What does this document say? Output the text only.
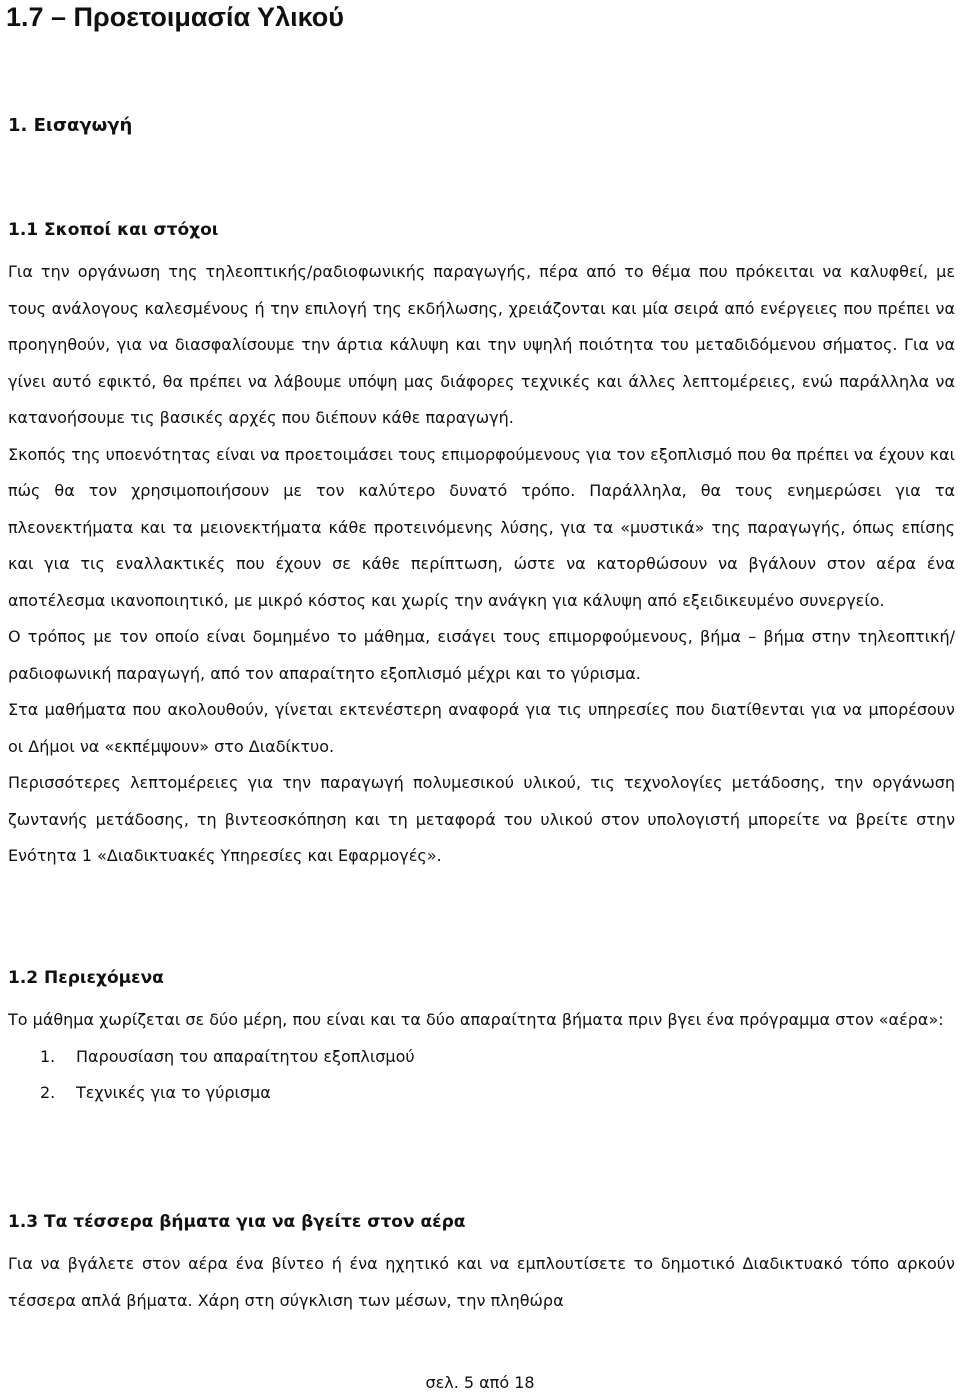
1.7 – Προετοιμασία Υλικού
1. Εισαγωγή
1.1 Σκοποί και στόχοι

Για την οργάνωση της τηλεοπτικής/ραδιοφωνικής παραγωγής, πέρα από το θέμα που πρόκειται να καλυφθεί, με τους ανάλογους καλεσμένους ή την επιλογή της εκδήλωσης, χρειάζονται και μία σειρά από ενέργειες που πρέπει να προηγηθούν, για να διασφαλίσουμε την άρτια κάλυψη και την υψηλή ποιότητα του μεταδιδόμενου σήματος. Για να γίνει αυτό εφικτό, θα πρέπει να λάβουμε υπόψη μας διάφορες τεχνικές και άλλες λεπτομέρειες, ενώ παράλληλα να κατανοήσουμε τις βασικές αρχές που διέπουν κάθε παραγωγή.

Σκοπός της υποενότητας είναι να προετοιμάσει τους επιμορφούμενους για τον εξοπλισμό που θα πρέπει να έχουν και πώς θα τον χρησιμοποιήσουν με τον καλύτερο δυνατό τρόπο. Παράλληλα, θα τους ενημερώσει για τα πλεονεκτήματα και τα μειονεκτήματα κάθε προτεινόμενης λύσης, για τα «μυστικά» της παραγωγής, όπως επίσης και για τις εναλλακτικές που έχουν σε κάθε περίπτωση, ώστε να κατορθώσουν να βγάλουν στον αέρα ένα αποτέλεσμα ικανοποιητικό, με μικρό κόστος και χωρίς την ανάγκη για κάλυψη από εξειδικευμένο συνεργείο.

Ο τρόπος με τον οποίο είναι δομημένο το μάθημα, εισάγει τους επιμορφούμενους, βήμα – βήμα στην τηλεοπτική/ραδιοφωνική παραγωγή, από τον απαραίτητο εξοπλισμό μέχρι και το γύρισμα.

Στα μαθήματα που ακολουθούν, γίνεται εκτενέστερη αναφορά για τις υπηρεσίες που διατίθενται για να μπορέσουν οι Δήμοι να «εκπέμψουν» στο Διαδίκτυο.

Περισσότερες λεπτομέρειες για την παραγωγή πολυμεσικού υλικού, τις τεχνολογίες μετάδοσης, την οργάνωση ζωντανής μετάδοσης, τη βιντεοσκόπηση και τη μεταφορά του υλικού στον υπολογιστή μπορείτε να βρείτε στην Ενότητα 1 «Διαδικτυακές Υπηρεσίες και Εφαρμογές».

1.2 Περιεχόμενα

Το μάθημα χωρίζεται σε δύο μέρη, που είναι και τα δύο απαραίτητα βήματα πριν βγει ένα πρόγραμμα στον «αέρα»:

1. Παρουσίαση του απαραίτητου εξοπλισμού
2. Τεχνικές για το γύρισμα
1.3 Τα τέσσερα βήματα για να βγείτε στον αέρα

Για να βγάλετε στον αέρα ένα βίντεο ή ένα ηχητικό και να εμπλουτίσετε το δημοτικό Διαδικτυακό τόπο αρκούν τέσσερα απλά βήματα. Χάρη στη σύγκλιση των μέσων, την πληθώρα

σελ. 5 από 18
